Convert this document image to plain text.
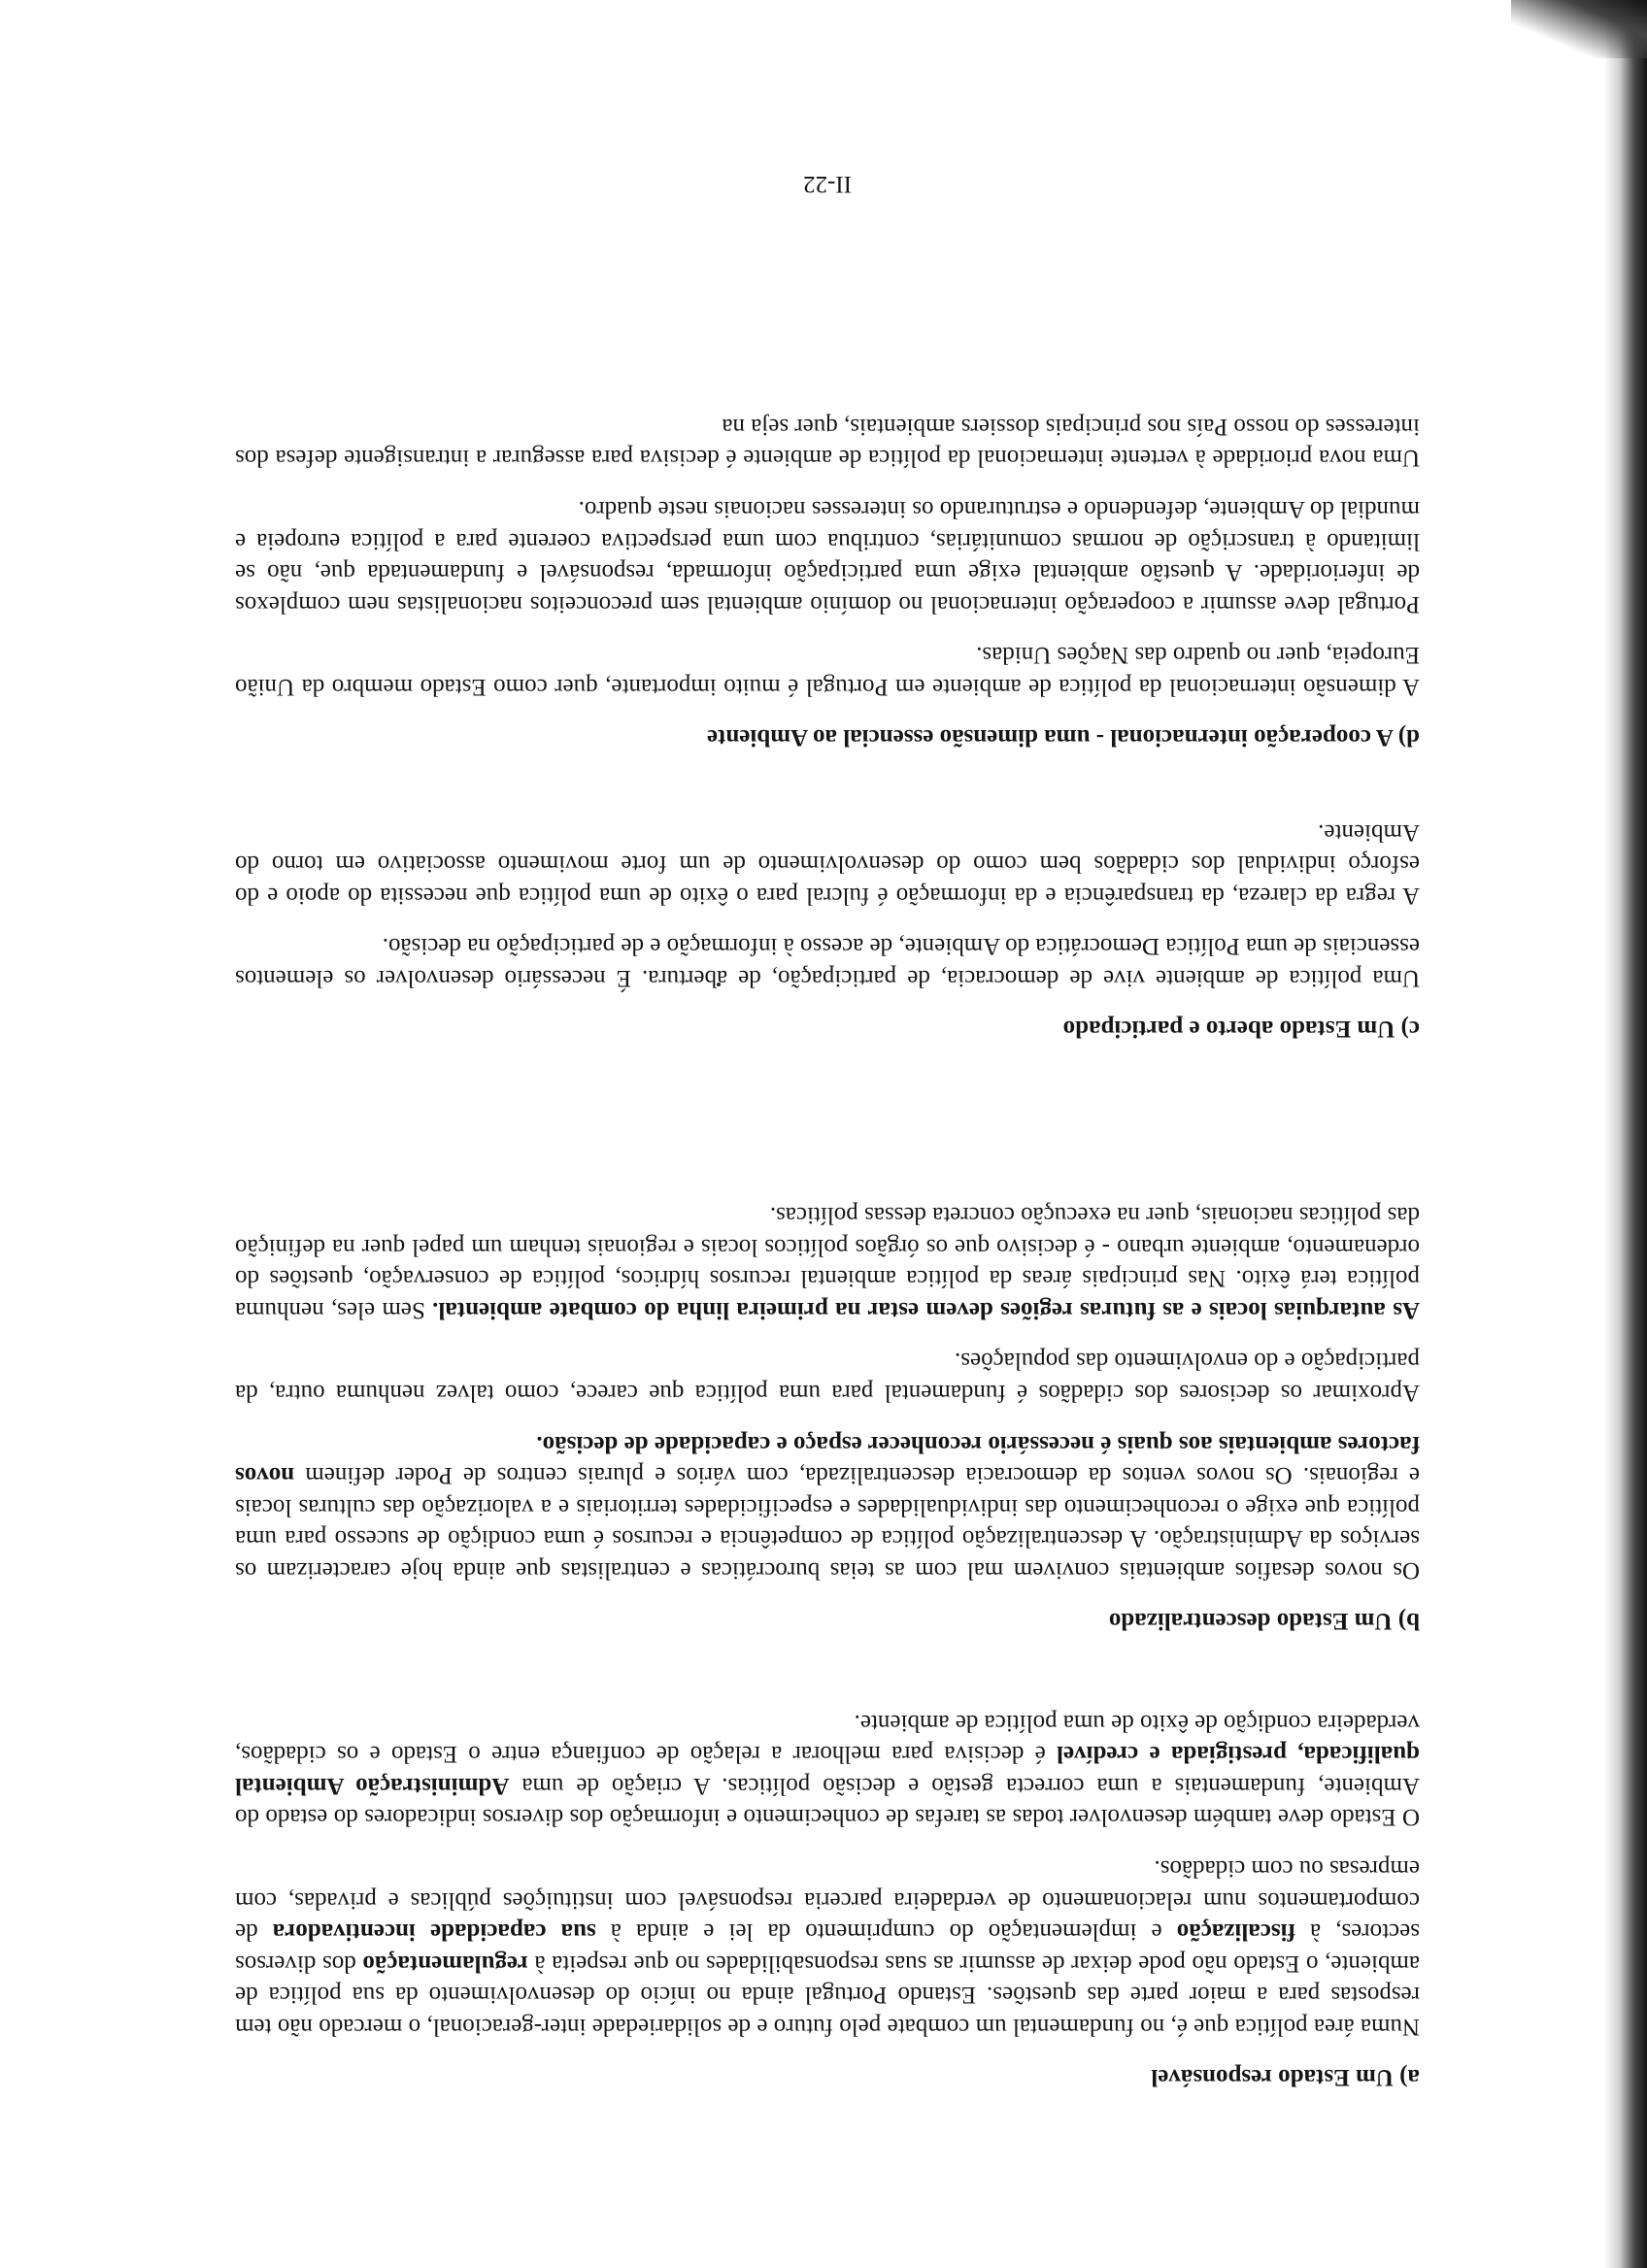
a) Um Estado responsável

Numa área política que é, no fundamental um combate pelo futuro e de solidariedade inter-geracional, o mercado não tem respostas para a maior parte das questões. Estando Portugal ainda no início do desenvolvimento da sua política de ambiente, o Estado não pode deixar de assumir as suas responsabilidades no que respeita à regulamentação dos diversos sectores, à fiscalização e implementação do cumprimento da lei e ainda à sua capacidade incentivadora de comportamentos num relacionamento de verdadeira parceria responsável com instituições públicas e privadas, com empresas ou com cidadãos.

O Estado deve também desenvolver todas as tarefas de conhecimento e informação dos diversos indicadores do estado do Ambiente, fundamentais a uma correcta gestão e decisão políticas. A criação de uma Administração Ambiental qualificada, prestigiada e credível é decisiva para melhorar a relação de confiança entre o Estado e os cidadãos, verdadeira condição de êxito de uma política de ambiente.

b) Um Estado descentralizado

Os novos desafios ambientais convivem mal com as teias burocráticas e centralistas que ainda hoje caracterizam os serviços da Administração. A descentralização política de competência e recursos é uma condição de sucesso para uma política que exige o reconhecimento das individualidades e especificidades territoriais e a valorização das culturas locais e regionais. Os novos ventos da democracia descentralizada, com vários e plurais centros de Poder definem novos factores ambientais aos quais é necessário reconhecer espaço e capacidade de decisão.

Aproximar os decisores dos cidadãos é fundamental para uma política que carece, como talvez nenhuma outra, da participação e do envolvimento das populações.

As autarquias locais e as futuras regiões devem estar na primeira linha do combate ambiental. Sem eles, nenhuma política terá êxito. Nas principais áreas da política ambiental recursos hídricos, política de conservação, questões do ordenamento, ambiente urbano - é decisivo que os órgãos políticos locais e regionais tenham um papel quer na definição das políticas nacionais, quer na execução concreta dessas políticas.

c) Um Estado aberto e participado

Uma política de ambiente vive de democracia, de participação, de abertura. É necessário desenvolver os elementos essenciais de uma Política Democrática do Ambiente, de acesso à informação e de participação na decisão.

A regra da clareza, da transparência e da informação é fulcral para o êxito de uma política que necessita do apoio e do esforço individual dos cidadãos bem como do desenvolvimento de um forte movimento associativo em torno do Ambiente.

d) A cooperação internacional - uma dimensão essencial ao Ambiente

A dimensão internacional da política de ambiente em Portugal é muito importante, quer como Estado membro da União Europeia, quer no quadro das Nações Unidas.

Portugal deve assumir a cooperação internacional no domínio ambiental sem preconceitos nacionalistas nem complexos de inferioridade. A questão ambiental exige uma participação informada, responsável e fundamentada que, não se limitando à transcrição de normas comunitárias, contribua com uma perspectiva coerente para a política europeia e mundial do Ambiente, defendendo e estruturando os interesses nacionais neste quadro.

Uma nova prioridade à vertente internacional da política de ambiente é decisiva para assegurar a intransigente defesa dos interesses do nosso País nos principais dossiers ambientais, quer seja na

II-22
